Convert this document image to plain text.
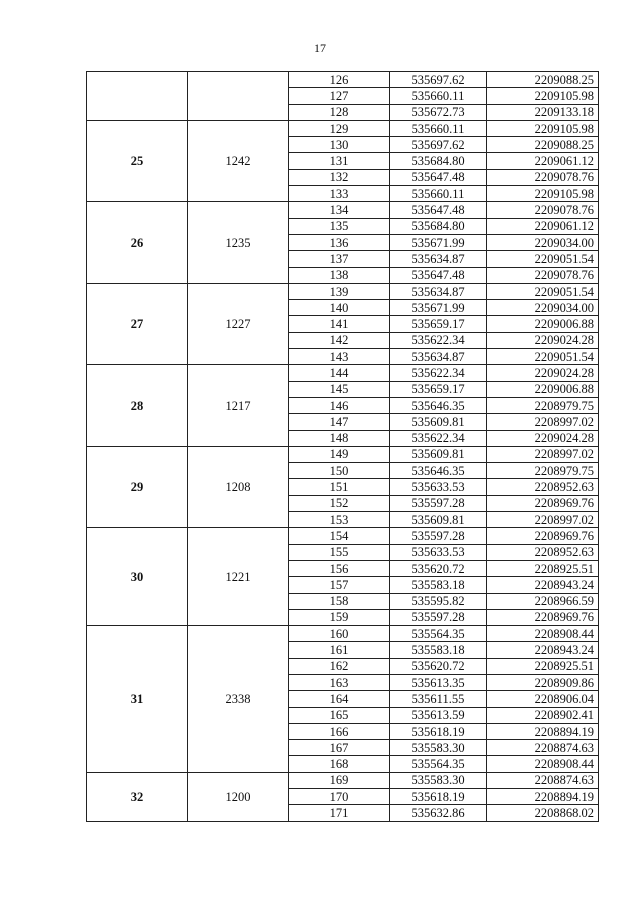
17
		126	535697.62	2209088.25
		127	535660.11	2209105.98
		128	535672.73	2209133.18
25	1242	129	535660.11	2209105.98
		130	535697.62	2209088.25
		131	535684.80	2209061.12
		132	535647.48	2209078.76
		133	535660.11	2209105.98
26	1235	134	535647.48	2209078.76
		135	535684.80	2209061.12
		136	535671.99	2209034.00
		137	535634.87	2209051.54
		138	535647.48	2209078.76
27	1227	139	535634.87	2209051.54
		140	535671.99	2209034.00
		141	535659.17	2209006.88
		142	535622.34	2209024.28
		143	535634.87	2209051.54
28	1217	144	535622.34	2209024.28
		145	535659.17	2209006.88
		146	535646.35	2208979.75
		147	535609.81	2208997.02
		148	535622.34	2209024.28
29	1208	149	535609.81	2208997.02
		150	535646.35	2208979.75
		151	535633.53	2208952.63
		152	535597.28	2208969.76
		153	535609.81	2208997.02
30	1221	154	535597.28	2208969.76
		155	535633.53	2208952.63
		156	535620.72	2208925.51
		157	535583.18	2208943.24
		158	535595.82	2208966.59
		159	535597.28	2208969.76
31	2338	160	535564.35	2208908.44
		161	535583.18	2208943.24
		162	535620.72	2208925.51
		163	535613.35	2208909.86
		164	535611.55	2208906.04
		165	535613.59	2208902.41
		166	535618.19	2208894.19
		167	535583.30	2208874.63
		168	535564.35	2208908.44
32	1200	169	535583.30	2208874.63
		170	535618.19	2208894.19
		171	535632.86	2208868.02
